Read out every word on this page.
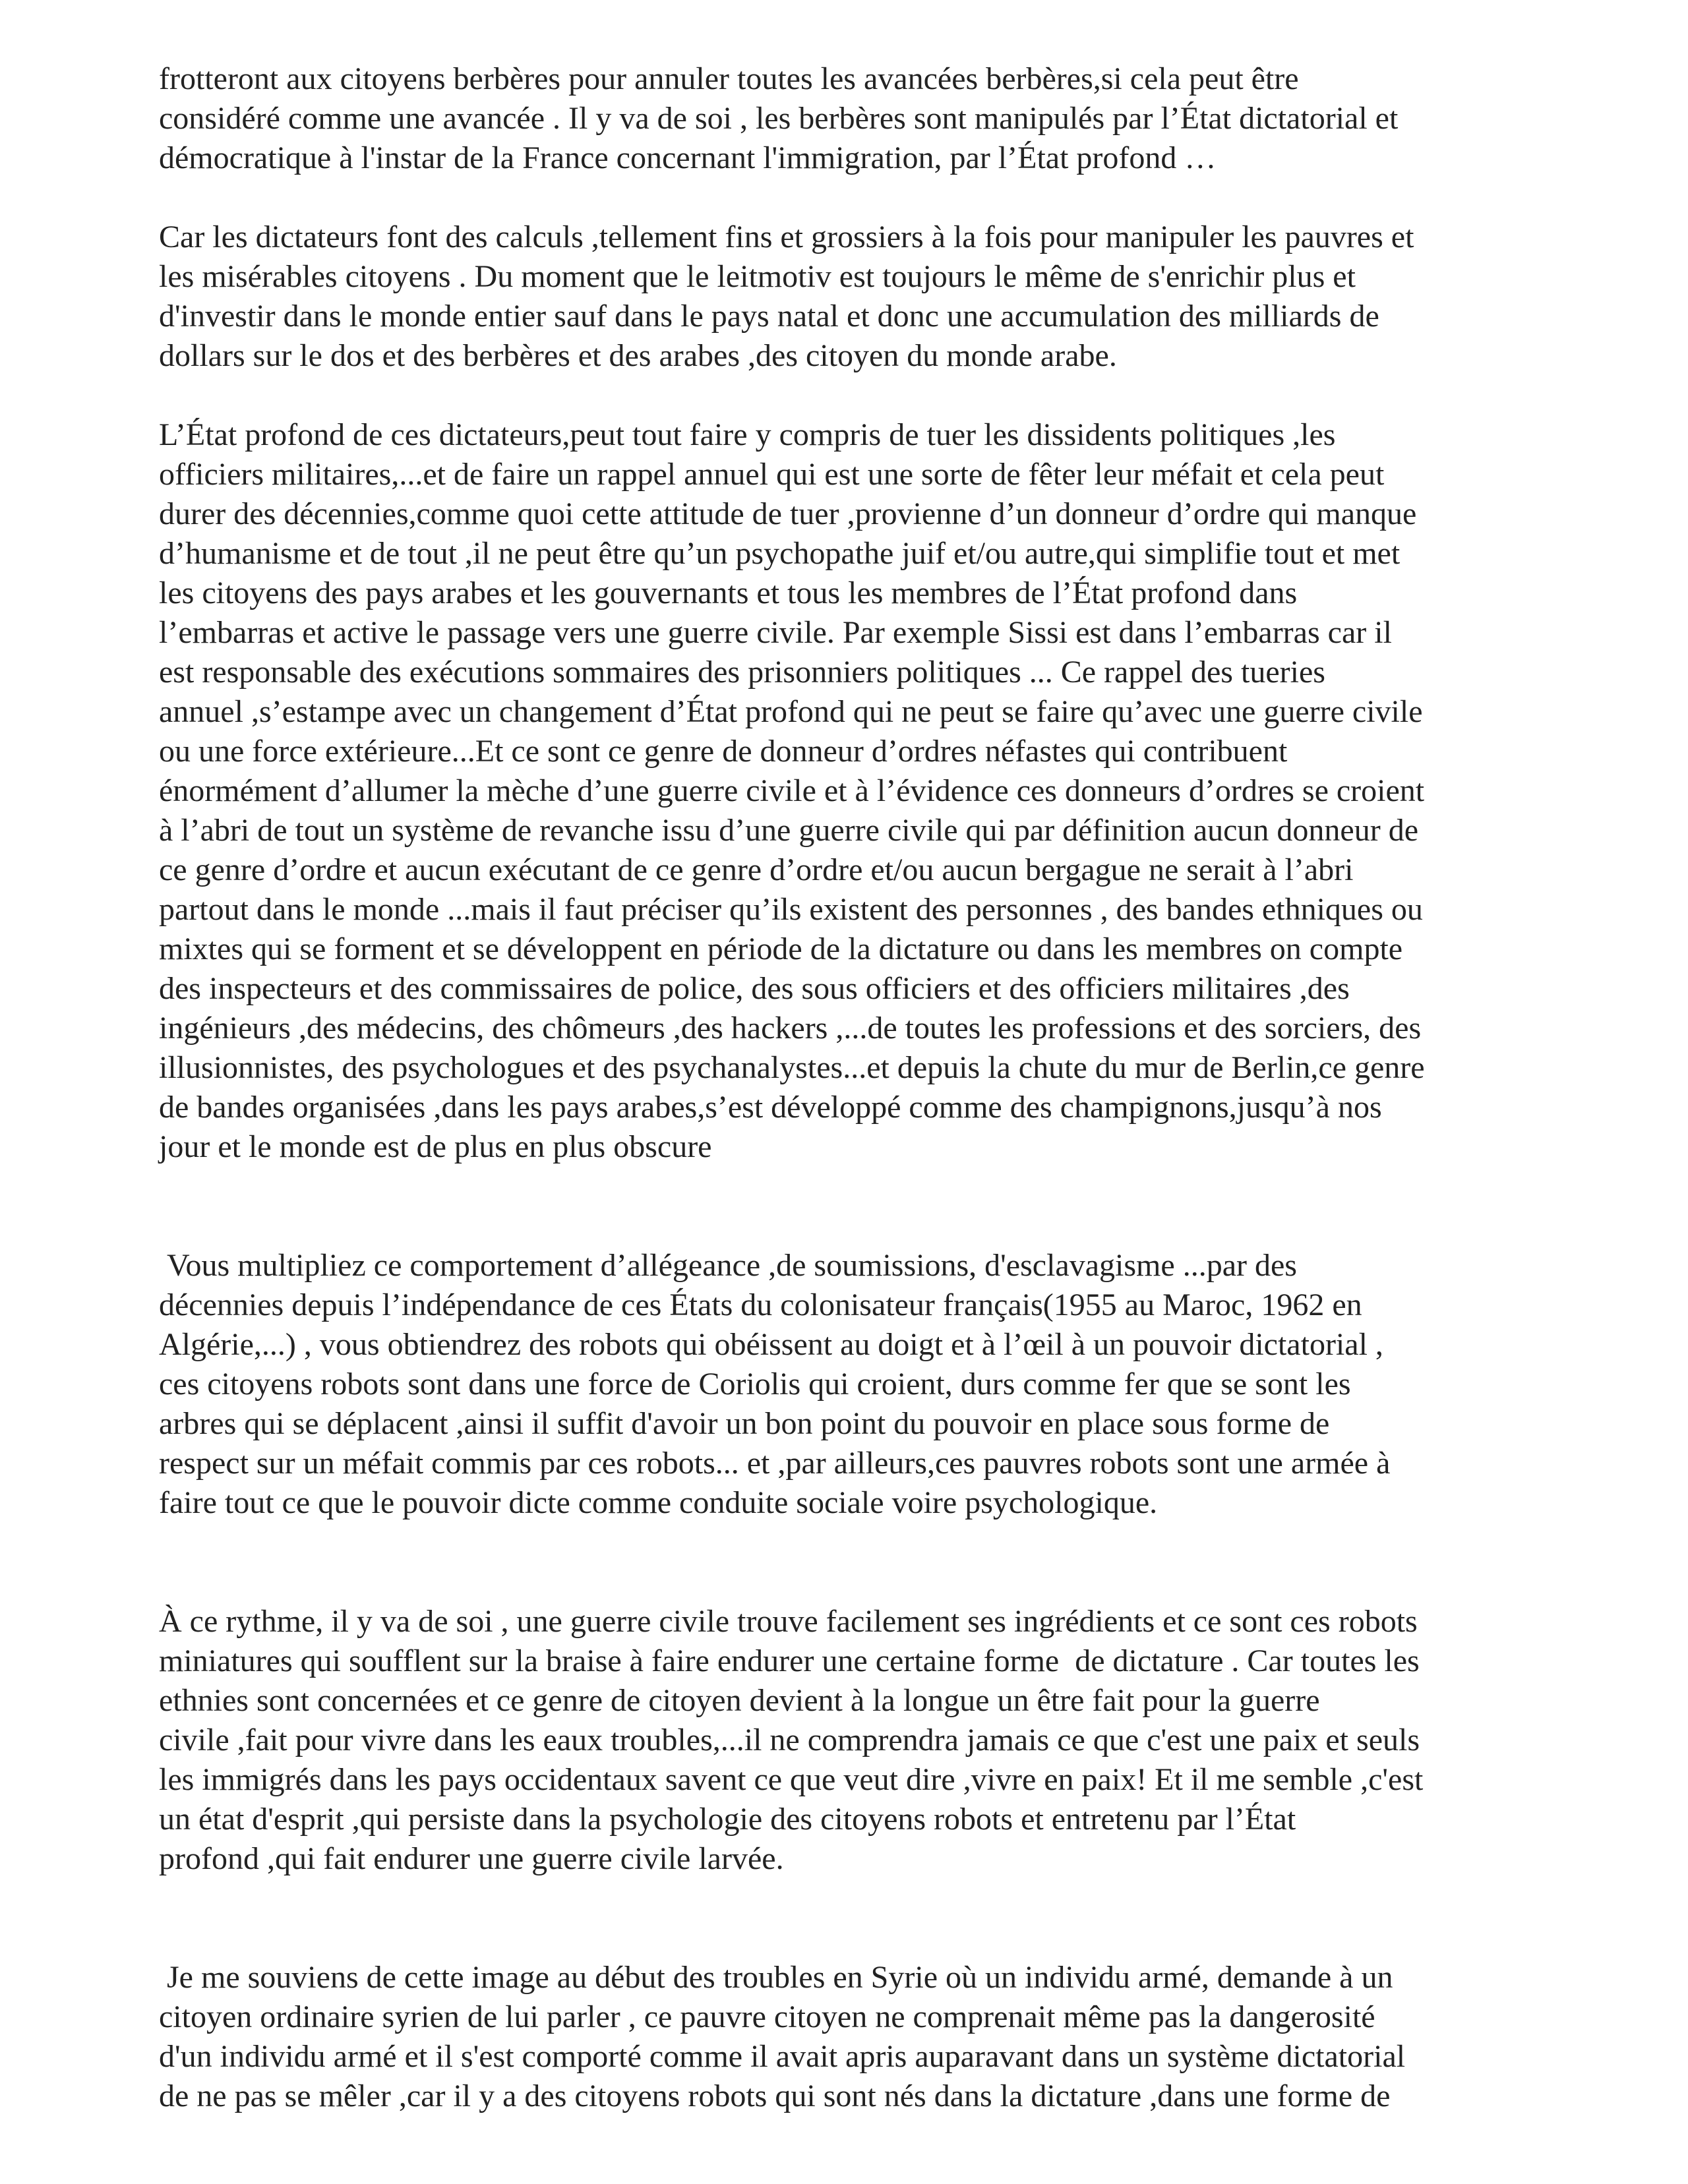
frotteront aux citoyens berbères pour annuler toutes les avancées berbères,si cela peut être
considéré comme une avancée . Il y va de soi , les berbères sont manipulés par l’État dictatorial et
démocratique à l'instar de la France concernant l'immigration, par l’État profond …

Car les dictateurs font des calculs ,tellement fins et grossiers à la fois pour manipuler les pauvres et
les misérables citoyens . Du moment que le leitmotiv est toujours le même de s'enrichir plus et
d'investir dans le monde entier sauf dans le pays natal et donc une accumulation des milliards de
dollars sur le dos et des berbères et des arabes ,des citoyen du monde arabe.

L’État profond de ces dictateurs,peut tout faire y compris de tuer les dissidents politiques ,les
officiers militaires,...et de faire un rappel annuel qui est une sorte de fêter leur méfait et cela peut
durer des décennies,comme quoi cette attitude de tuer ,provienne d’un donneur d’ordre qui manque
d’humanisme et de tout ,il ne peut être qu’un psychopathe juif et/ou autre,qui simplifie tout et met
les citoyens des pays arabes et les gouvernants et tous les membres de l’État profond dans
l’embarras et active le passage vers une guerre civile. Par exemple Sissi est dans l’embarras car il
est responsable des exécutions sommaires des prisonniers politiques ... Ce rappel des tueries
annuel ,s’estampe avec un changement d’État profond qui ne peut se faire qu’avec une guerre civile
ou une force extérieure...Et ce sont ce genre de donneur d’ordres néfastes qui contribuent
énormément d’allumer la mèche d’une guerre civile et à l’évidence ces donneurs d’ordres se croient
à l’abri de tout un système de revanche issu d’une guerre civile qui par définition aucun donneur de
ce genre d’ordre et aucun exécutant de ce genre d’ordre et/ou aucun bergague ne serait à l’abri
partout dans le monde ...mais il faut préciser qu’ils existent des personnes , des bandes ethniques ou
mixtes qui se forment et se développent en période de la dictature ou dans les membres on compte
des inspecteurs et des commissaires de police, des sous officiers et des officiers militaires ,des
ingénieurs ,des médecins, des chômeurs ,des hackers ,...de toutes les professions et des sorciers, des
illusionnistes, des psychologues et des psychanalystes...et depuis la chute du mur de Berlin,ce genre
de bandes organisées ,dans les pays arabes,s’est développé comme des champignons,jusqu’à nos
jour et le monde est de plus en plus obscure

Vous multipliez ce comportement d’allégeance ,de soumissions, d'esclavagisme ...par des
décennies depuis l’indépendance de ces États du colonisateur français(1955 au Maroc, 1962 en
Algérie,...) , vous obtiendrez des robots qui obéissent au doigt et à l’œil à un pouvoir dictatorial ,
ces citoyens robots sont dans une force de Coriolis qui croient, durs comme fer que se sont les
arbres qui se déplacent ,ainsi il suffit d'avoir un bon point du pouvoir en place sous forme de
respect sur un méfait commis par ces robots... et ,par ailleurs,ces pauvres robots sont une armée à
faire tout ce que le pouvoir dicte comme conduite sociale voire psychologique.

À ce rythme, il y va de soi , une guerre civile trouve facilement ses ingrédients et ce sont ces robots
miniatures qui soufflent sur la braise à faire endurer une certaine forme  de dictature . Car toutes les
ethnies sont concernées et ce genre de citoyen devient à la longue un être fait pour la guerre
civile ,fait pour vivre dans les eaux troubles,...il ne comprendra jamais ce que c'est une paix et seuls
les immigrés dans les pays occidentaux savent ce que veut dire ,vivre en paix! Et il me semble ,c'est
un état d'esprit ,qui persiste dans la psychologie des citoyens robots et entretenu par l’État
profond ,qui fait endurer une guerre civile larvée.

Je me souviens de cette image au début des troubles en Syrie où un individu armé, demande à un
citoyen ordinaire syrien de lui parler , ce pauvre citoyen ne comprenait même pas la dangerosité
d'un individu armé et il s'est comporté comme il avait apris auparavant dans un système dictatorial
de ne pas se mêler ,car il y a des citoyens robots qui sont nés dans la dictature ,dans une forme de
